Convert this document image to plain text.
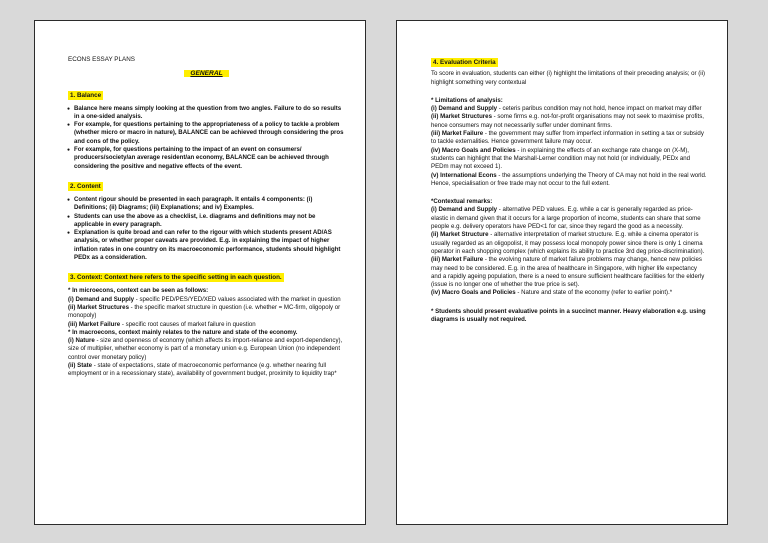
ECONS ESSAY PLANS
GENERAL
1. Balance
● Balance here means simply looking at the question from two angles. Failure to do so results in a one-sided analysis.
● For example, for questions pertaining to the appropriateness of a policy to tackle a problem (whether micro or macro in nature), BALANCE can be achieved through considering the pros and cons of the policy.
● For example, for questions pertaining to the impact of an event on consumers/ producers/society/an average resident/an economy, BALANCE can be achieved through considering the positive and negative effects of the event.
2. Content
● Content rigour should be presented in each paragraph. It entails 4 components: (i) Definitions; (ii) Diagrams; (iii) Explanations; and iv) Examples.
● Students can use the above as a checklist, i.e. diagrams and definitions may not be applicable in every paragraph.
● Explanation is quite broad and can refer to the rigour with which students present AD/AS analysis, or whether proper caveats are provided. E.g. in explaining the impact of higher inflation rates in one country on its macroeconomic performance, students should highlight PEDx as a consideration.
3. Context: Context here refers to the specific setting in each question.

* In microecons, context can be seen as follows:

(i) Demand and Supply - specific PED/PES/YED/XED values associated with the market in question

(ii) Market Structures - the specific market structure in question (i.e. whether = MC-firm, oligopoly or monopoly)

(iii) Market Failure - specific root causes of market failure in question

* In macroecons, context mainly relates to the nature and state of the economy.

(i) Nature - size and openness of economy (which affects its import-reliance and export-dependency), size of multiplier, whether economy is part of a monetary union e.g. European Union (no independent control over monetary policy)

(ii) State - state of expectations, state of macroeconomic performance (e.g. whether nearing full employment or in a recessionary state), availability of government budget, proximity to liquidity trap*

4. Evaluation Criteria

To score in evaluation, students can either (i) highlight the limitations of their preceding analysis; or (ii) highlight something very contextual

* Limitations of analysis:

(i) Demand and Supply - ceteris paribus condition may not hold, hence impact on market may differ

(ii) Market Structures - some firms e.g. not-for-profit organisations may not seek to maximise profits, hence consumers may not necessarily suffer under dominant firms.

(iii) Market Failure - the government may suffer from imperfect information in setting a tax or subsidy to tackle externalities. Hence government failure may occur.

(iv) Macro Goals and Policies - in explaining the effects of an exchange rate change on (X-M), students can highlight that the Marshall-Lerner condition may not hold (or individually, PEDx and PEDm may not exceed 1).

(v) International Econs - the assumptions underlying the Theory of CA may not hold in the real world. Hence, specialisation or free trade may not occur to the full extent.

*Contextual remarks:

(i) Demand and Supply - alternative PED values. E.g. while a car is generally regarded as price-elastic in demand given that it occurs for a large proportion of income, students can share that some people e.g. delivery operators have PED<1 for car, since they regard the good as a necessity.

(ii) Market Structure - alternative interpretation of market structure. E.g. while a cinema operator is usually regarded as an oligopolist, it may possess local monopoly power since there is only 1 cinema operator in each shopping complex (which explains its ability to practice 3rd deg price-discrimination).

(iii) Market Failure - the evolving nature of market failure problems may change, hence new policies may need to be considered. E.g. in the area of healthcare in Singapore, with higher life expectancy and a rapidly ageing population, there is a need to ensure sufficient healthcare facilities for the elderly (issue is no longer one of whether the true price is set).

(iv) Macro Goals and Policies - Nature and state of the economy (refer to earlier point).*

* Students should present evaluative points in a succinct manner. Heavy elaboration e.g. using diagrams is usually not required.
